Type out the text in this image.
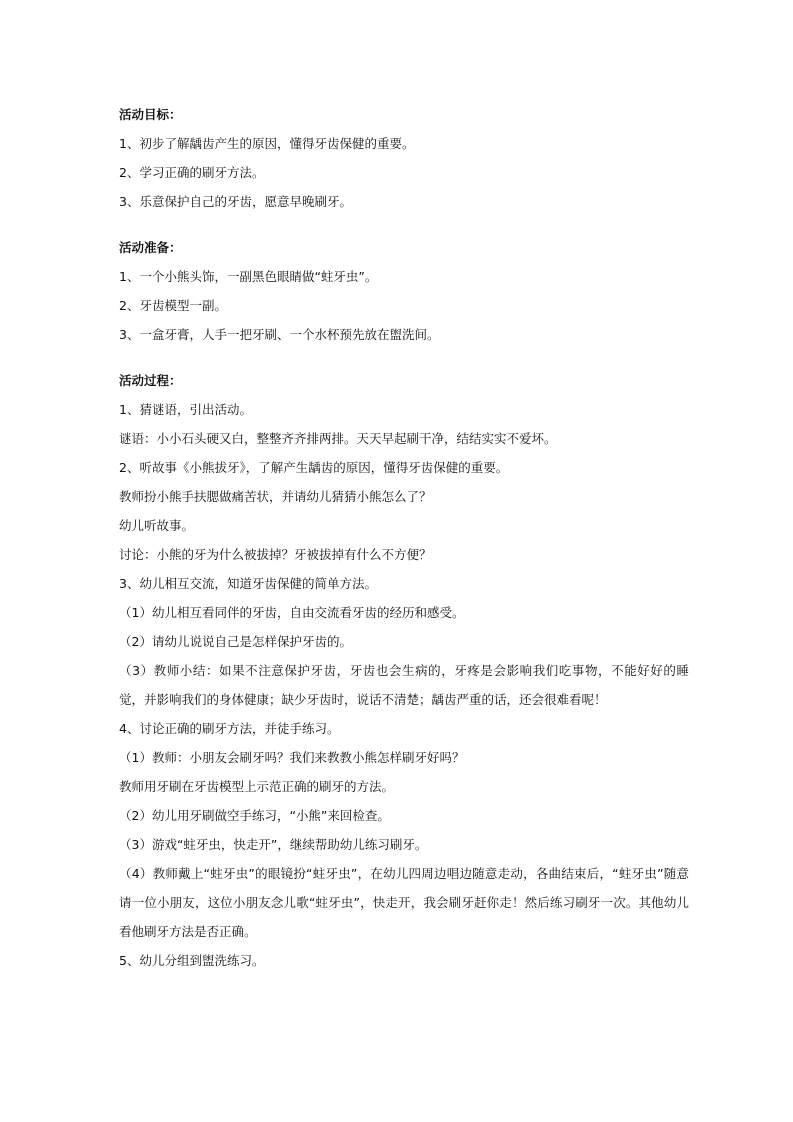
活动目标：
1、初步了解龋齿产生的原因，懂得牙齿保健的重要。
2、学习正确的刷牙方法。
3、乐意保护自己的牙齿，愿意早晚刷牙。
活动准备：
1、一个小熊头饰，一副黑色眼睛做“蛀牙虫”。
2、牙齿模型一副。
3、一盒牙膏，人手一把牙刷、一个水杯预先放在盥洗间。
活动过程：
1、猜谜语，引出活动。
谜语：小小石头硬又白，整整齐齐排两排。天天早起刷干净，结结实实不爱坏。
2、听故事《小熊拔牙》，了解产生龋齿的原因，懂得牙齿保健的重要。
教师扮小熊手扶腮做痛苦状，并请幼儿猜猜小熊怎么了？
幼儿听故事。
讨论：小熊的牙为什么被拔掉？牙被拔掉有什么不方便？
3、幼儿相互交流，知道牙齿保健的简单方法。
（1）幼儿相互看同伴的牙齿，自由交流看牙齿的经历和感受。
（2）请幼儿说说自己是怎样保护牙齿的。
（3）教师小结：如果不注意保护牙齿，牙齿也会生病的，牙疼是会影响我们吃事物，不能好好的睡觉，并影响我们的身体健康；缺少牙齿时，说话不清楚；龋齿严重的话，还会很难看呢！
4、讨论正确的刷牙方法，并徒手练习。
（1）教师：小朋友会刷牙吗？我们来教教小熊怎样刷牙好吗？
教师用牙刷在牙齿模型上示范正确的刷牙的方法。
（2）幼儿用牙刷做空手练习，“小熊”来回检查。
（3）游戏“蛀牙虫，快走开”，继续帮助幼儿练习刷牙。
（4）教师戴上“蛀牙虫”的眼镜扮“蛀牙虫”，在幼儿四周边唱边随意走动，各曲结束后，“蛀牙虫”随意请一位小朋友，这位小朋友念儿歌“蛀牙虫”，快走开，我会刷牙赶你走！然后练习刷牙一次。其他幼儿看他刷牙方法是否正确。
5、幼儿分组到盥洗练习。
